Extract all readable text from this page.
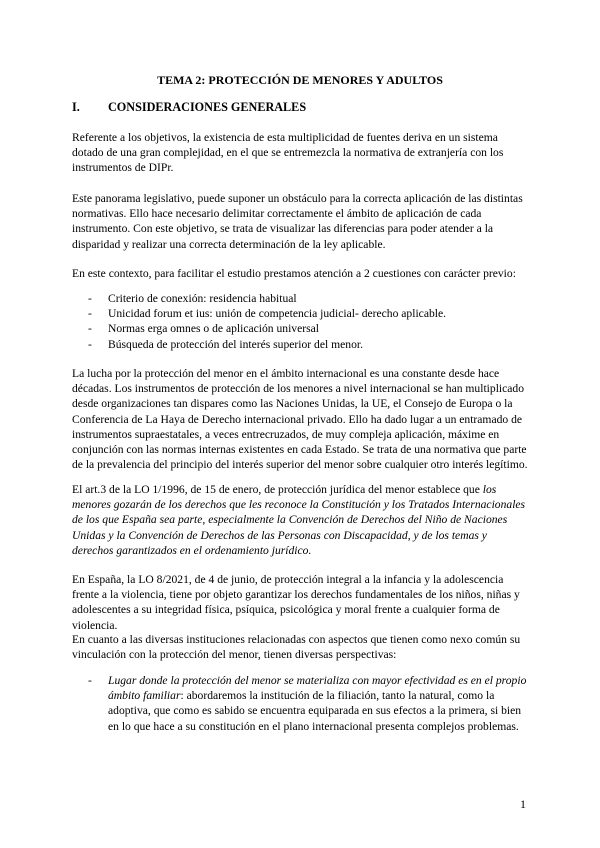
TEMA 2: PROTECCIÓN DE MENORES Y ADULTOS
I. CONSIDERACIONES GENERALES

Referente a los objetivos, la existencia de esta multiplicidad de fuentes deriva en un sistema dotado de una gran complejidad, en el que se entremezcla la normativa de extranjería con los instrumentos de DIPr.

Este panorama legislativo, puede suponer un obstáculo para la correcta aplicación de las distintas normativas. Ello hace necesario delimitar correctamente el ámbito de aplicación de cada instrumento. Con este objetivo, se trata de visualizar las diferencias para poder atender a la disparidad y realizar una correcta determinación de la ley aplicable.

En este contexto, para facilitar el estudio prestamos atención a 2 cuestiones con carácter previo:

- Criterio de conexión: residencia habitual
- Unicidad forum et ius: unión de competencia judicial- derecho aplicable.
- Normas erga omnes o de aplicación universal
- Búsqueda de protección del interés superior del menor.

La lucha por la protección del menor en el ámbito internacional es una constante desde hace décadas. Los instrumentos de protección de los menores a nivel internacional se han multiplicado desde organizaciones tan dispares como las Naciones Unidas, la UE, el Consejo de Europa o la Conferencia de La Haya de Derecho internacional privado. Ello ha dado lugar a un entramado de instrumentos supraestatales, a veces entrecruzados, de muy compleja aplicación, máxime en conjunción con las normas internas existentes en cada Estado. Se trata de una normativa que parte de la prevalencia del principio del interés superior del menor sobre cualquier otro interés legítimo.

El art.3 de la LO 1/1996, de 15 de enero, de protección jurídica del menor establece que los menores gozarán de los derechos que les reconoce la Constitución y los Tratados Internacionales de los que España sea parte, especialmente la Convención de Derechos del Niño de Naciones Unidas y la Convención de Derechos de las Personas con Discapacidad, y de los temas y derechos garantizados en el ordenamiento jurídico.

En España, la LO 8/2021, de 4 de junio, de protección integral a la infancia y la adolescencia frente a la violencia, tiene por objeto garantizar los derechos fundamentales de los niños, niñas y adolescentes a su integridad física, psíquica, psicológica y moral frente a cualquier forma de violencia.

En cuanto a las diversas instituciones relacionadas con aspectos que tienen como nexo común su vinculación con la protección del menor, tienen diversas perspectivas:

- Lugar donde la protección del menor se materializa con mayor efectividad es en el propio ámbito familiar: abordaremos la institución de la filiación, tanto la natural, como la adoptiva, que como es sabido se encuentra equiparada en sus efectos a la primera, si bien en lo que hace a su constitución en el plano internacional presenta complejos problemas.
1
